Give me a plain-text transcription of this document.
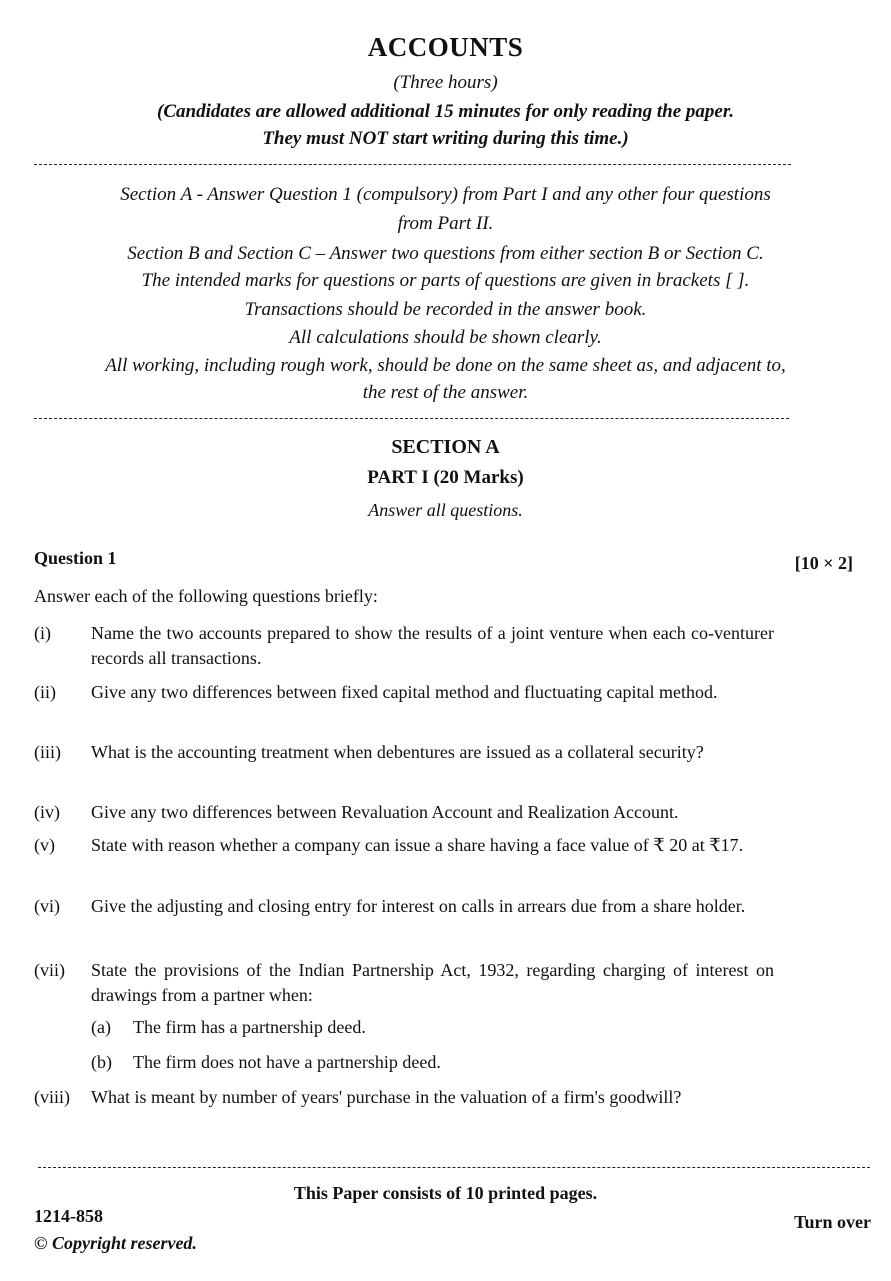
ACCOUNTS
(Three hours)
(Candidates are allowed additional 15 minutes for only reading the paper.
They must NOT start writing during this time.)
Section A - Answer Question 1 (compulsory) from Part I and any other four questions
from Part II.
Section B and Section C – Answer two questions from either section B or Section C.
The intended marks for questions or parts of questions are given in brackets [ ].
Transactions should be recorded in the answer book.
All calculations should be shown clearly.
All working, including rough work, should be done on the same sheet as, and adjacent to,
the rest of the answer.
SECTION A
PART I (20 Marks)
Answer all questions.
Question 1	[10 × 2]
Answer each of the following questions briefly:
(i)	Name the two accounts prepared to show the results of a joint venture when each co-venturer records all transactions.
(ii)	Give any two differences between fixed capital method and fluctuating capital method.
(iii)	What is the accounting treatment when debentures are issued as a collateral security?
(iv)	Give any two differences between Revaluation Account and Realization Account.
(v)	State with reason whether a company can issue a share having a face value of ₹ 20 at ₹17.
(vi)	Give the adjusting and closing entry for interest on calls in arrears due from a share holder.
(vii)	State the provisions of the Indian Partnership Act, 1932, regarding charging of interest on drawings from a partner when:
(a) The firm has a partnership deed.
(b) The firm does not have a partnership deed.
(viii)	What is meant by number of years' purchase in the valuation of a firm's goodwill?
This Paper consists of 10 printed pages.
1214-858
© Copyright reserved.
Turn over
